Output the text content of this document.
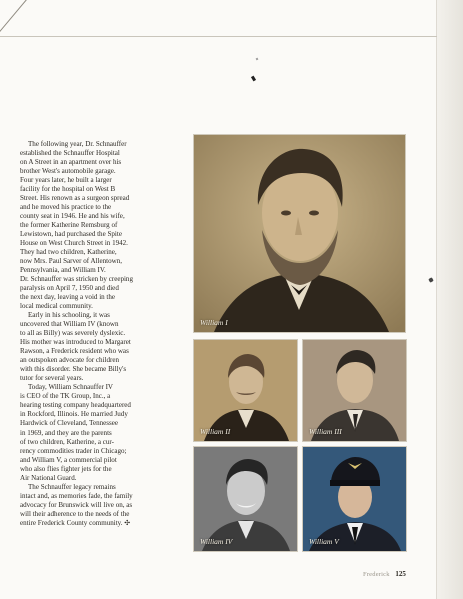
The following year, Dr. Schnauffer
established the Schnauffer Hospital
on A Street in an apartment over his
brother West's automobile garage.
Four years later, he built a larger
facility for the hospital on West B
Street. His renown as a surgeon spread
and he moved his practice to the
county seat in 1946. He and his wife,
the former Katherine Remsburg of
Lewistown, had purchased the Spite
House on West Church Street in 1942.
They had two children, Katherine,
now Mrs. Paul Sarver of Allentown,
Pennsylvania, and William IV.
Dr. Schnauffer was stricken by creeping
paralysis on April 7, 1950 and died
the next day, leaving a void in the
local medical community.

Early in his schooling, it was
uncovered that William IV (known
to all as Billy) was severely dyslexic.
His mother was introduced to Margaret
Rawson, a Frederick resident who was
an outspoken advocate for children
with this disorder. She became Billy's
tutor for several years.

Today, William Schnauffer IV
is CEO of the TK Group, Inc., a
hearing testing company headquartered
in Rockford, Illinois. He married Judy
Hardwick of Cleveland, Tennessee
in 1969, and they are the parents
of two children, Katherine, a cur-
rency commodities trader in Chicago;
and William V, a commercial pilot
who also flies fighter jets for the
Air National Guard.

The Schnauffer legacy remains
intact and, as memories fade, the family
advocacy for Brunswick will live on, as
will their adherence to the needs of the
entire Frederick County community. ✣

William I
William II	William III
William IV	William V
Frederick 125
